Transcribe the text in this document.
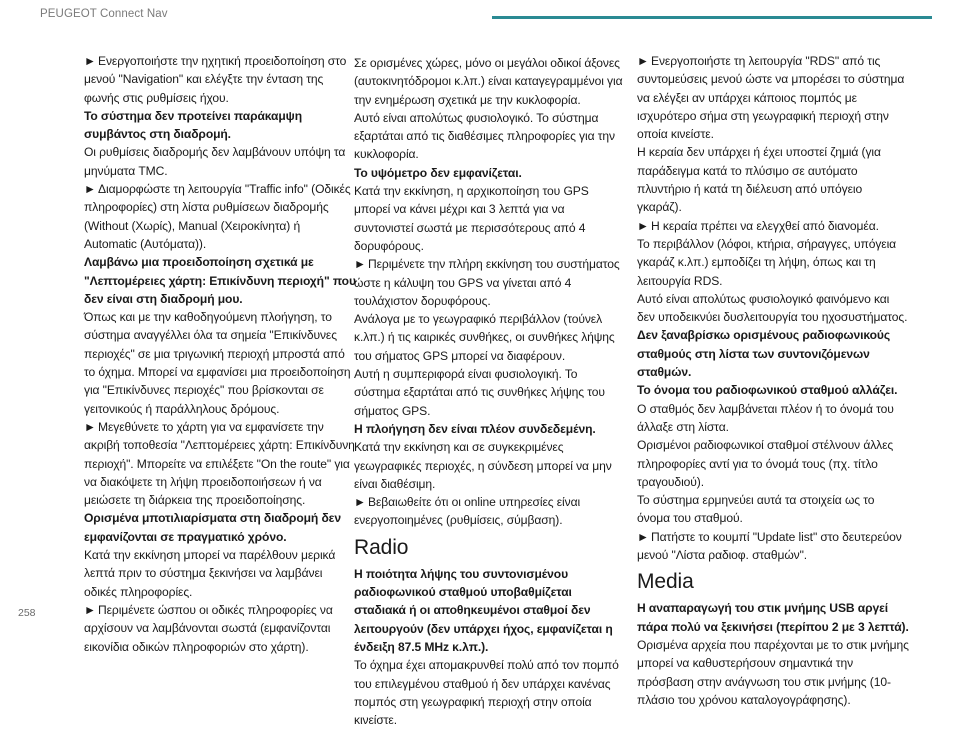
PEUGEOT Connect Nav

► Ενεργοποιήστε την ηχητική προειδοποίηση στο μενού "Navigation" και ελέγξτε την ένταση της φωνής στις ρυθμίσεις ήχου.

Το σύστημα δεν προτείνει παράκαμψη συμβάντος στη διαδρομή.

Οι ρυθμίσεις διαδρομής δεν λαμβάνουν υπόψη τα μηνύματα TMC.

► Διαμορφώστε τη λειτουργία "Traffic info" (Οδικές πληροφορίες) στη λίστα ρυθμίσεων διαδρομής (Without (Χωρίς), Manual (Χειροκίνητα) ή Automatic (Αυτόματα)).

Λαμβάνω μια προειδοποίηση σχετικά με "Λεπτομέρειες χάρτη: Επικίνδυνη περιοχή" που δεν είναι στη διαδρομή μου.

Όπως και με την καθοδηγούμενη πλοήγηση, το σύστημα αναγγέλλει όλα τα σημεία "Επικίνδυνες περιοχές" σε μια τριγωνική περιοχή μπροστά από το όχημα. Μπορεί να εμφανίσει μια προειδοποίηση για "Επικίνδυνες περιοχές" που βρίσκονται σε γειτονικούς ή παράλληλους δρόμους.

► Μεγεθύνετε το χάρτη για να εμφανίσετε την ακριβή τοποθεσία "Λεπτομέρειες χάρτη: Επικίνδυνη περιοχή". Μπορείτε να επιλέξετε "On the route" για να διακόψετε τη λήψη προειδοποιήσεων ή να μειώσετε τη διάρκεια της προειδοποίησης.

Ορισμένα μποτιλιαρίσματα στη διαδρομή δεν εμφανίζονται σε πραγματικό χρόνο.

Κατά την εκκίνηση μπορεί να παρέλθουν μερικά λεπτά πριν το σύστημα ξεκινήσει να λαμβάνει οδικές πληροφορίες.

► Περιμένετε ώσπου οι οδικές πληροφορίες να αρχίσουν να λαμβάνονται σωστά (εμφανίζονται εικονίδια οδικών πληροφοριών στο χάρτη).

Σε ορισμένες χώρες, μόνο οι μεγάλοι οδικοί άξονες (αυτοκινητόδρομοι κ.λπ.) είναι καταγεγραμμένοι για την ενημέρωση σχετικά με την κυκλοφορία.

Αυτό είναι απολύτως φυσιολογικό. Το σύστημα εξαρτάται από τις διαθέσιμες πληροφορίες για την κυκλοφορία.

Το υψόμετρο δεν εμφανίζεται.

Κατά την εκκίνηση, η αρχικοποίηση του GPS μπορεί να κάνει μέχρι και 3 λεπτά για να συντονιστεί σωστά με περισσότερους από 4 δορυφόρους.

► Περιμένετε την πλήρη εκκίνηση του συστήματος ώστε η κάλυψη του GPS να γίνεται από 4 τουλάχιστον δορυφόρους.

Ανάλογα με το γεωγραφικό περιβάλλον (τούνελ κ.λπ.) ή τις καιρικές συνθήκες, οι συνθήκες λήψης του σήματος GPS μπορεί να διαφέρουν.

Αυτή η συμπεριφορά είναι φυσιολογική. Το σύστημα εξαρτάται από τις συνθήκες λήψης του σήματος GPS.

Η πλοήγηση δεν είναι πλέον συνδεδεμένη.

Κατά την εκκίνηση και σε συγκεκριμένες γεωγραφικές περιοχές, η σύνδεση μπορεί να μην είναι διαθέσιμη.

► Βεβαιωθείτε ότι οι online υπηρεσίες είναι ενεργοποιημένες (ρυθμίσεις, σύμβαση).

Radio

Η ποιότητα λήψης του συντονισμένου ραδιοφωνικού σταθμού υποβαθμίζεται σταδιακά ή οι αποθηκευμένοι σταθμοί δεν λειτουργούν (δεν υπάρχει ήχος, εμφανίζεται η ένδειξη 87.5 MHz κ.λπ.).

Το όχημα έχει απομακρυνθεί πολύ από τον πομπό του επιλεγμένου σταθμού ή δεν υπάρχει κανένας πομπός στη γεωγραφική περιοχή στην οποία κινείστε.

► Ενεργοποιήστε τη λειτουργία "RDS" από τις συντομεύσεις μενού ώστε να μπορέσει το σύστημα να ελέγξει αν υπάρχει κάποιος πομπός με ισχυρότερο σήμα στη γεωγραφική περιοχή στην οποία κινείστε.

Η κεραία δεν υπάρχει ή έχει υποστεί ζημιά (για παράδειγμα κατά το πλύσιμο σε αυτόματο πλυντήριο ή κατά τη διέλευση από υπόγειο γκαράζ).

► Η κεραία πρέπει να ελεγχθεί από διανομέα.

Το περιβάλλον (λόφοι, κτήρια, σήραγγες, υπόγεια γκαράζ κ.λπ.) εμποδίζει τη λήψη, όπως και τη λειτουργία RDS.

Αυτό είναι απολύτως φυσιολογικό φαινόμενο και δεν υποδεικνύει δυσλειτουργία του ηχοσυστήματος.

Δεν ξαναβρίσκω ορισμένους ραδιοφωνικούς σταθμούς στη λίστα των συντονιζόμενων σταθμών.

Το όνομα του ραδιοφωνικού σταθμού αλλάζει.

Ο σταθμός δεν λαμβάνεται πλέον ή το όνομά του άλλαξε στη λίστα.

Ορισμένοι ραδιοφωνικοί σταθμοί στέλνουν άλλες πληροφορίες αντί για το όνομά τους (πχ. τίτλο τραγουδιού).

Το σύστημα ερμηνεύει αυτά τα στοιχεία ως το όνομα του σταθμού.

► Πατήστε το κουμπί "Update list" στο δευτερεύον μενού "Λίστα ραδιοφ. σταθμών".

Media

Η αναπαραγωγή του στικ μνήμης USB αργεί πάρα πολύ να ξεκινήσει (περίπου 2 με 3 λεπτά).

Ορισμένα αρχεία που παρέχονται με το στικ μνήμης μπορεί να καθυστερήσουν σημαντικά την πρόσβαση στην ανάγνωση του στικ μνήμης (10-πλάσιο του χρόνου καταλογογράφησης).

258
